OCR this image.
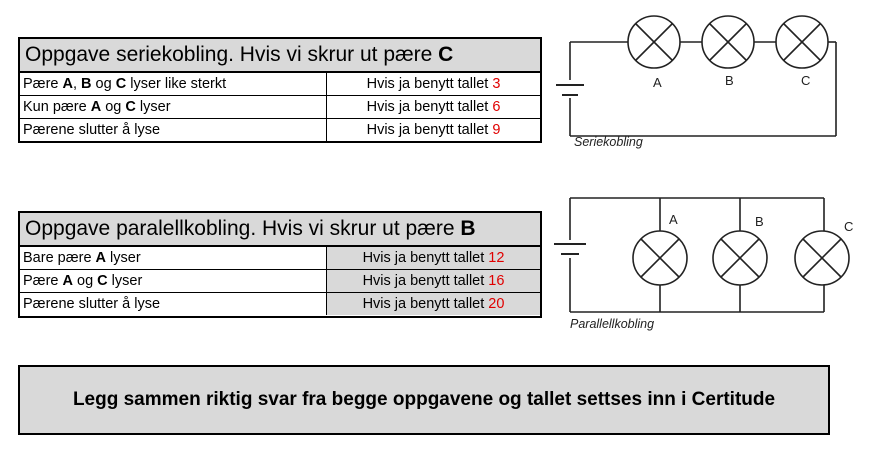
Oppgave seriekobling. Hvis vi skrur ut pære C
Pære A, B og C lyser like sterkt	Hvis ja benytt tallet 3
Kun pære A og C lyser	Hvis ja benytt tallet 6
Pærene slutter å lyse	Hvis ja benytt tallet 9
A	B	C
Seriekobling
Oppgave paralellkobling. Hvis vi skrur ut pære B
Bare pære A lyser	Hvis ja benytt tallet 12
Pære A og C lyser	Hvis ja benytt tallet 16
Pærene slutter å lyse	Hvis ja benytt tallet 20
A	B	C
Parallellkobling
Legg sammen riktig svar fra begge oppgavene og tallet settses inn i Certitude
